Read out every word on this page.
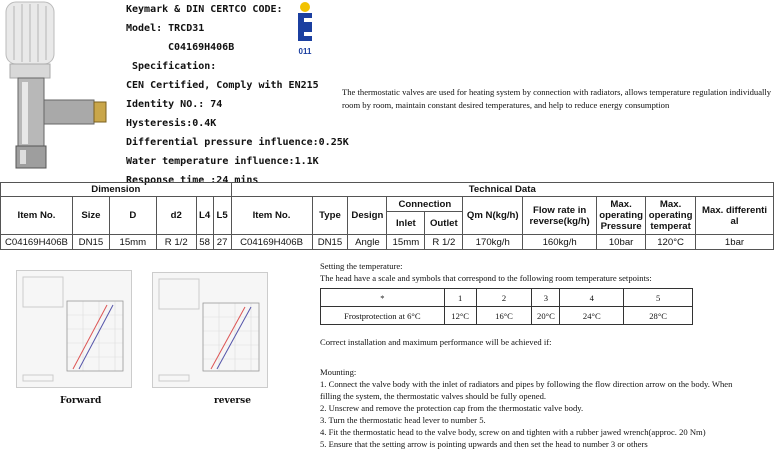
Keymark & DIN CERTCO CODE:
Model: TRCD31
C04169H406B
Specification:
CEN Certified, Comply with EN215
Identity NO.: 74
Hysteresis:0.4K
Differential pressure influence:0.25K
Water temperature influence:1.1K
Response time :24 mins
011
The thermostatic valves are used for heating system by connection with radiators, allows temperature regulation individually room by room, maintain constant desired temperatures, and help to reduce energy consumption
Dimension						Technical Data									
Item No.	Size	D	d2	L4	L5	Item No.	Type	Design	Connection		Qm N(kg/h)	Flow rate in reverse(kg/h)	Max. operating Pressure	Max. operating temperat	Max. differenti al
									Inlet	Outlet					
C04169H406B	DN15	15mm	R 1/2	58	27	C04169H406B	DN15	Angle	15mm	R 1/2	170kg/h	160kg/h	10bar	120°C	1bar
Forward	reverse
Setting the temperature:
The head have a scale and symbols that correspond to the following room temperature setpoints:
*	1	2	3	4	5
Frostprotection at 6°C	12°C	16°C	20°C	24°C	28°C
Correct installation and maximum performance will be achieved if:
Mounting:
1. Connect the valve body with the inlet of radiators and pipes by following the flow direction arrow on the body. When
filling the system, the thermostatic valves should be fully opened.
2. Unscrew and remove the protection cap from the thermostatic valve body.
3. Turn the thermostatic head lever to number 5.
4. Fit the thermostatic head to the valve body, screw on and tighten with a rubber jawed wrench(approc. 20 Nm)
5. Ensure that the setting arrow is pointing upwards and then set the head to number 3 or others
